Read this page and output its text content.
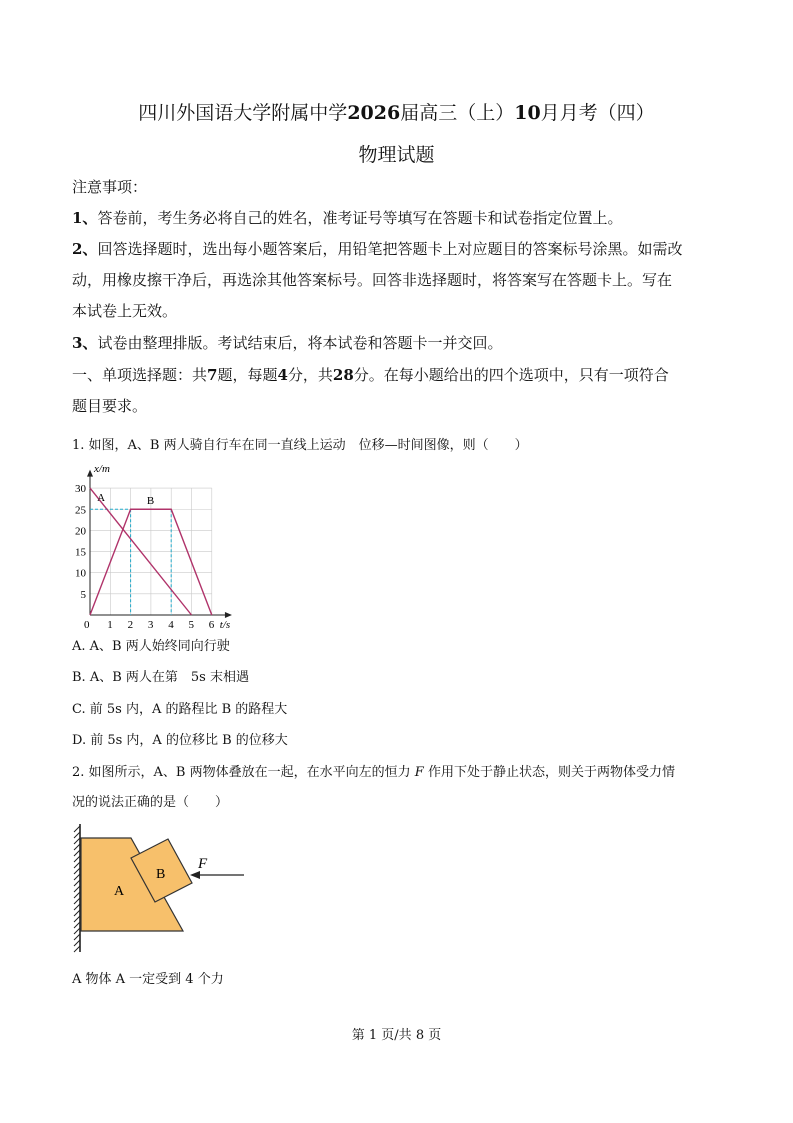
四川外国语大学附属中学2026届高三（上）10月月考（四）
物理试题
注意事项：
1、答卷前，考生务必将自己的姓名，准考证号等填写在答题卡和试卷指定位置上。
2、回答选择题时，选出每小题答案后，用铅笔把答题卡上对应题目的答案标号涂黑。如需改
动，用橡皮擦干净后，再选涂其他答案标号。回答非选择题时，将答案写在答题卡上。写在
本试卷上无效。
3、试卷由整理排版。考试结束后，将本试卷和答题卡一并交回。
一、单项选择题：共7题，每题4分，共28分。在每小题给出的四个选项中，只有一项符合
题目要求。
1. 如图，A、B 两人骑自行车在同一直线上运动　位移—时间图像，则（　　）
A	B
0 1 2 3 4 5 6
5
10
15
20
25
30
t/s
x/m
A. A、B 两人始终同向行驶
B. A、B 两人在第　5s 末相遇
C. 前 5s 内，A 的路程比 B 的路程大
D. 前 5s 内，A 的位移比 B 的位移大
2. 如图所示，A、B 两物体叠放在一起，在水平向左的恒力 F 作用下处于静止状态，则关于两物体受力情
况的说法正确的是（　　）
A
B
F
A 物体 A 一定受到 4 个力
第 1 页/共 8 页
